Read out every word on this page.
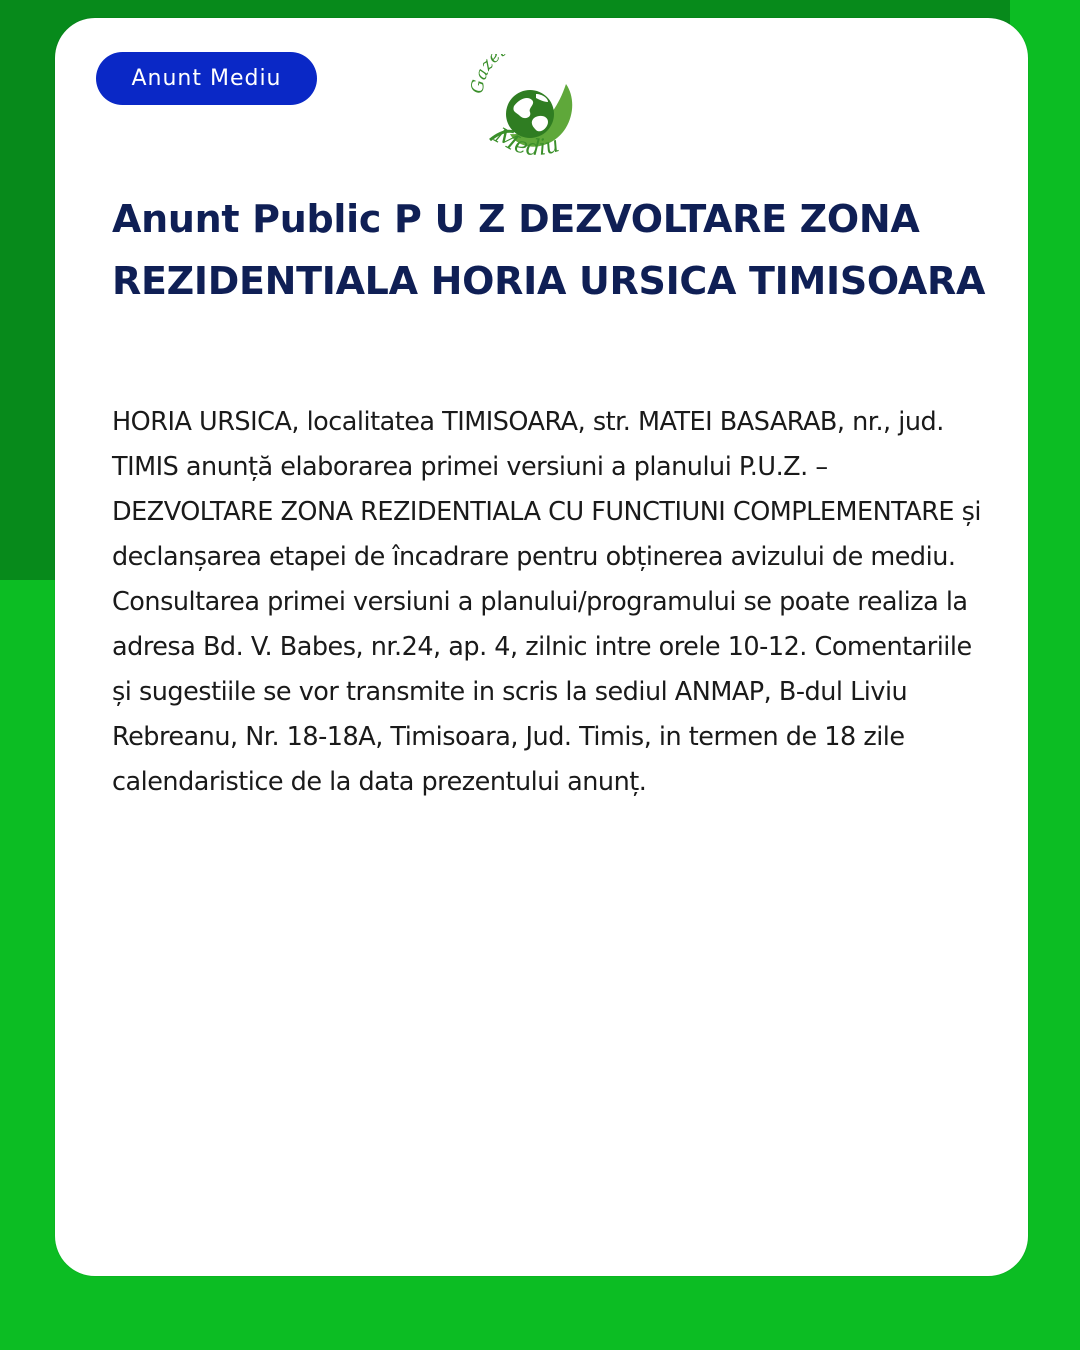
Anunt Mediu	aze
Mediu
Anunt Public P U Z DEZVOLTARE ZONA REZIDENTIALA HORIA URSICA TIMISOARA

HORIA URSICA, localitatea TIMISOARA, str. MATEI BASARAB, nr., jud. TIMIS anunță elaborarea primei versiuni a planului P.U.Z. – DEZVOLTARE ZONA REZIDENTIALA CU FUNCTIUNI COMPLEMENTARE și declanșarea etapei de încadrare pentru obținerea avizului de mediu. Consultarea primei versiuni a planului/programului se poate realiza la adresa Bd. V. Babes, nr.24, ap. 4, zilnic intre orele 10-12. Comentariile și sugestiile se vor transmite in scris la sediul ANMAP, B-dul Liviu Rebreanu, Nr. 18-18A, Timisoara, Jud. Timis, in termen de 18 zile calendaristice de la data prezentului anunț.
